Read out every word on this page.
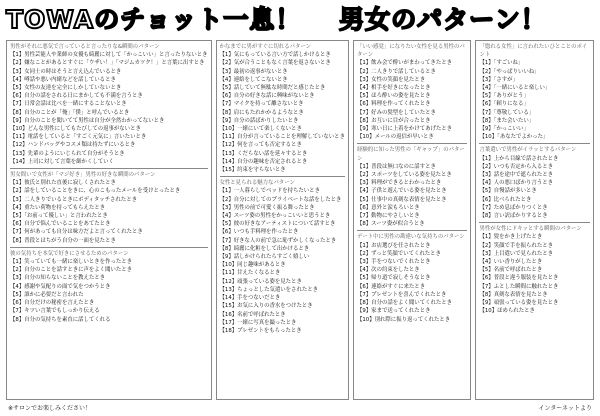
TOWAのチョット一息！ 男女のパターン！
男性がそれに悪気で言っていると言ったりな&瞬間のパターン
【1】男性芸能人や業師の女優も綺麗に対して「かっこいい」と言ったりないとき
【2】嫌なことがあるとすぐに「ウザい！」「マジムカツク！」と言葉に出すとき
【3】女同士の時はそうと言え込んでいるとき
【4】噂話や悪い内緒などを話しているとき
【5】女性の友達を完全にしかしていないとき
【6】自分の話をされる日にまかしても不満を言うとき
【7】日常会話は比べを一緒にすることないとき
【8】自分のことが「俺」「僕」と呼んでいるとき
【9】自分のことを聞いてて男性は自分が全然わかってないとき
【10】どんな男性にしてもたびしての返事がないとき
【11】電話をしていると「すごく元気に」言いたいとき
【12】ハンドバッグやコスメ類は持たずにいるとき
【13】先輩のようにいじられて自分がそうとき
【14】上司に対して言葉を細かくしていく
男女間いで女性が「マジ好き」男性の好きな瞬間のパターン
【1】彼氏と別れた直後に寂しくされたとき
【2】話をしていることをきに、心のこもったメールを受けとったとき
【3】二人きりでいるときにボディタッチされたとき
【4】重たい荷物を持ってもらえたとき
【5】「お前って優しい」と言われたとき
【6】自分で悩んでいることをあてたとき
【7】何があっても自分は味方だよと言ってくれたとき
【8】普段とはちがう自分の一面を見たとき
彼の気持ちを本気で好きにさせるためのパターン
【1】笑っていても一緒に楽しいときを作ったとき
【2】自分のことを話すときに声をよく聞いたとき
【3】自分の知らないことを教えたとき
【4】感謝や気配りの面で気をつかうとき
【5】誰かに必要だと言われた
【6】自分だけの秘密を言えたとき
【7】キツい言葉でもしっかり伝える
【8】自分の気持ちを素直に話してくれる
かなまでに男がすぐに切れるパターン
【1】気にもっている言い方で話しかけるとき
【2】気が合うこともなく言葉を返さないとき
【3】最初の返事がないとき
【4】連絡をしてこないとき
【5】話していて無駄な時間だと感じたとき
【6】自分の好きな話に興味がないとき
【7】マイクを持って離さないとき
【8】肩にもたれかかるようなとき
【9】自分の話ばかりしたいとき
【10】一緒にいて楽しくないとき
【11】自分が言っていることを理解していないとき
【12】何を言っても否定するとき
【13】くだらない話を延々するとき
【14】自分の趣味を否定されるとき
【15】約束を守らないとき
女性と見られる魅力なパターン
【1】一人暮らしでベッドを持ちたいとき
【2】自分に対してのプライベートな話をしたとき
【3】男性の前で可愛く振る舞ったとき
【4】スーツ姿の男性をかっこいいと思うとき
【5】彼の好きなアーティストについて話すとき
【6】いつも手料理を作ったとき
【7】好きな人の前で急に恥ずかしくなったとき
【8】綺麗に化粧をして出かけるとき
【9】話しかけられたらすごく嬉しい
【10】同じ趣味があるとき
【11】甘えたくなるとき
【12】頑張っている姿を見たとき
【13】ちょっとした気遣いをされたとき
【14】手をつないだとき
【15】お気に入りの香水をつけたとき
【16】名前で呼ばれたとき
【17】一緒に写真を撮ったとき
【18】プレゼントをもらったとき
「いい感覚」になりたい女性を見る男性のパターン
【1】飲み会で酔いがまわってきたとき
【2】二人きりで話しているとき
【3】女性の笑顔を見たとき
【4】相手を好きになったとき
【5】ほろ酔いの姿を見たとき
【6】料理を作ってくれたとき
【7】好みの髪型をしていたとき
【8】お互いに目が合ったとき
【9】寒い日に上着をかけてあげたとき
【10】メールの返信が早いとき
経験的に知った男性の「ギャップ」のパターン
【1】普段は無口なのに話すとき
【2】スポーツをしている姿を見たとき
【3】料理ができるとわかったとき
【4】子供と遊んでいる姿を見たとき
【5】仕事中の真剣な表情を見たとき
【6】意外と涙もろいとき
【7】動物にやさしいとき
【8】スーツ姿が似合うとき
デート中に男性の勘違いな気持ちのパターン
【1】お店選びを任されたとき
【2】ずっと笑顔でいてくれたとき
【3】手をつないでくれたとき
【4】次の約束をしたとき
【5】帰り道で寂しそうなとき
【6】連絡がすぐに来たとき
【7】プレゼントを喜んでくれたとき
【8】自分の話をよく聞いてくれたとき
【9】家まで送ってくれたとき
【10】別れ際に振り返ってくれたとき
「惚れる女性」に言われたいひとことのポイント
【1】「すごいね」
【2】「やっぱりいいね」
【3】「さすが」
【4】「一緒にいると楽しい」
【5】「ありがとう」
【6】「頼りになる」
【7】「尊敬している」
【8】「また会いたい」
【9】「かっこいい」
【10】「あなたでよかった」
言葉遣いで男性がイラッとするパターン
【1】上から目線で話されたとき
【2】いつも否定から入るとき
【3】話を途中で遮られたとき
【4】人の悪口ばかり言うとき
【5】自慢話が多いとき
【6】比べられたとき
【7】ため息ばかりつくとき
【8】言い訳ばかりするとき
男性が女性にドキッとする瞬間のパターン
【1】髪をかき上げたとき
【2】笑顔で手を振られたとき
【3】上目遣いで見られたとき
【4】いい香りがしたとき
【5】名前で呼ばれたとき
【6】普段と違う服装を見たとき
【7】ふとした瞬間に触れたとき
【8】真剣な表情を見たとき
【9】頑張っている姿を見たとき
【10】ほめられたとき
※サロンでお楽しみください！	インターネットより
